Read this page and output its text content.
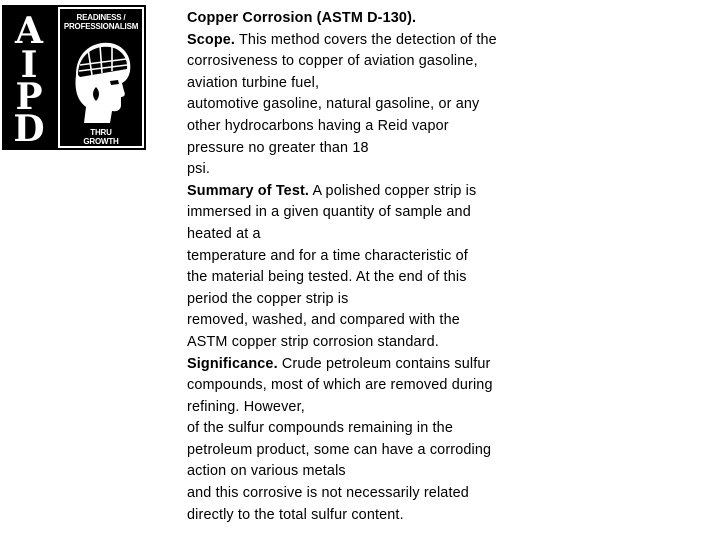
A
I
P
D
READINESS /
PROFESSIONALISM
THRU
GROWTH
Copper Corrosion (ASTM D-130).
Scope. This method covers the detection of the
corrosiveness to copper of aviation gasoline,
aviation turbine fuel,
automotive gasoline, natural gasoline, or any
other hydrocarbons having a Reid vapor
pressure no greater than 18
psi.
Summary of Test. A polished copper strip is
immersed in a given quantity of sample and
heated at a
temperature and for a time characteristic of
the material being tested. At the end of this
period the copper strip is
removed, washed, and compared with the
ASTM copper strip corrosion standard.
Significance. Crude petroleum contains sulfur
compounds, most of which are removed during
refining. However,
of the sulfur compounds remaining in the
petroleum product, some can have a corroding
action on various metals
and this corrosive is not necessarily related
directly to the total sulfur content.
